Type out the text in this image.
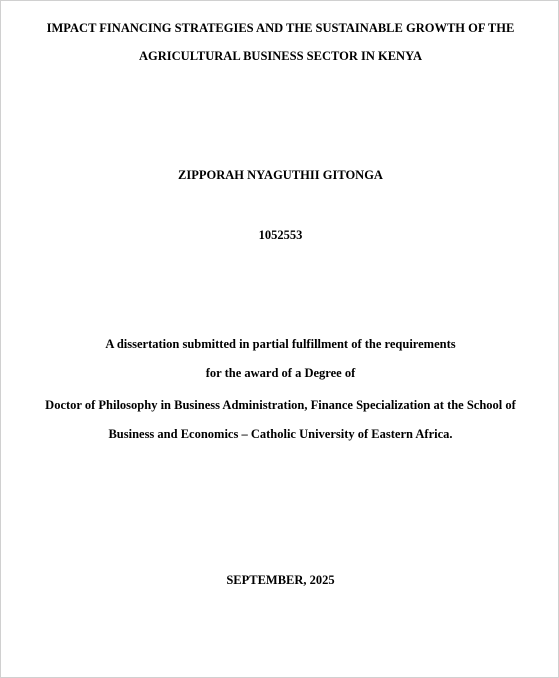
IMPACT FINANCING STRATEGIES AND THE SUSTAINABLE GROWTH OF THE
AGRICULTURAL BUSINESS SECTOR IN KENYA
ZIPPORAH NYAGUTHII GITONGA
1052553
A dissertation submitted in partial fulfillment of the requirements
for the award of a Degree of
Doctor of Philosophy in Business Administration, Finance Specialization at the School of
Business and Economics – Catholic University of Eastern Africa.
SEPTEMBER, 2025
